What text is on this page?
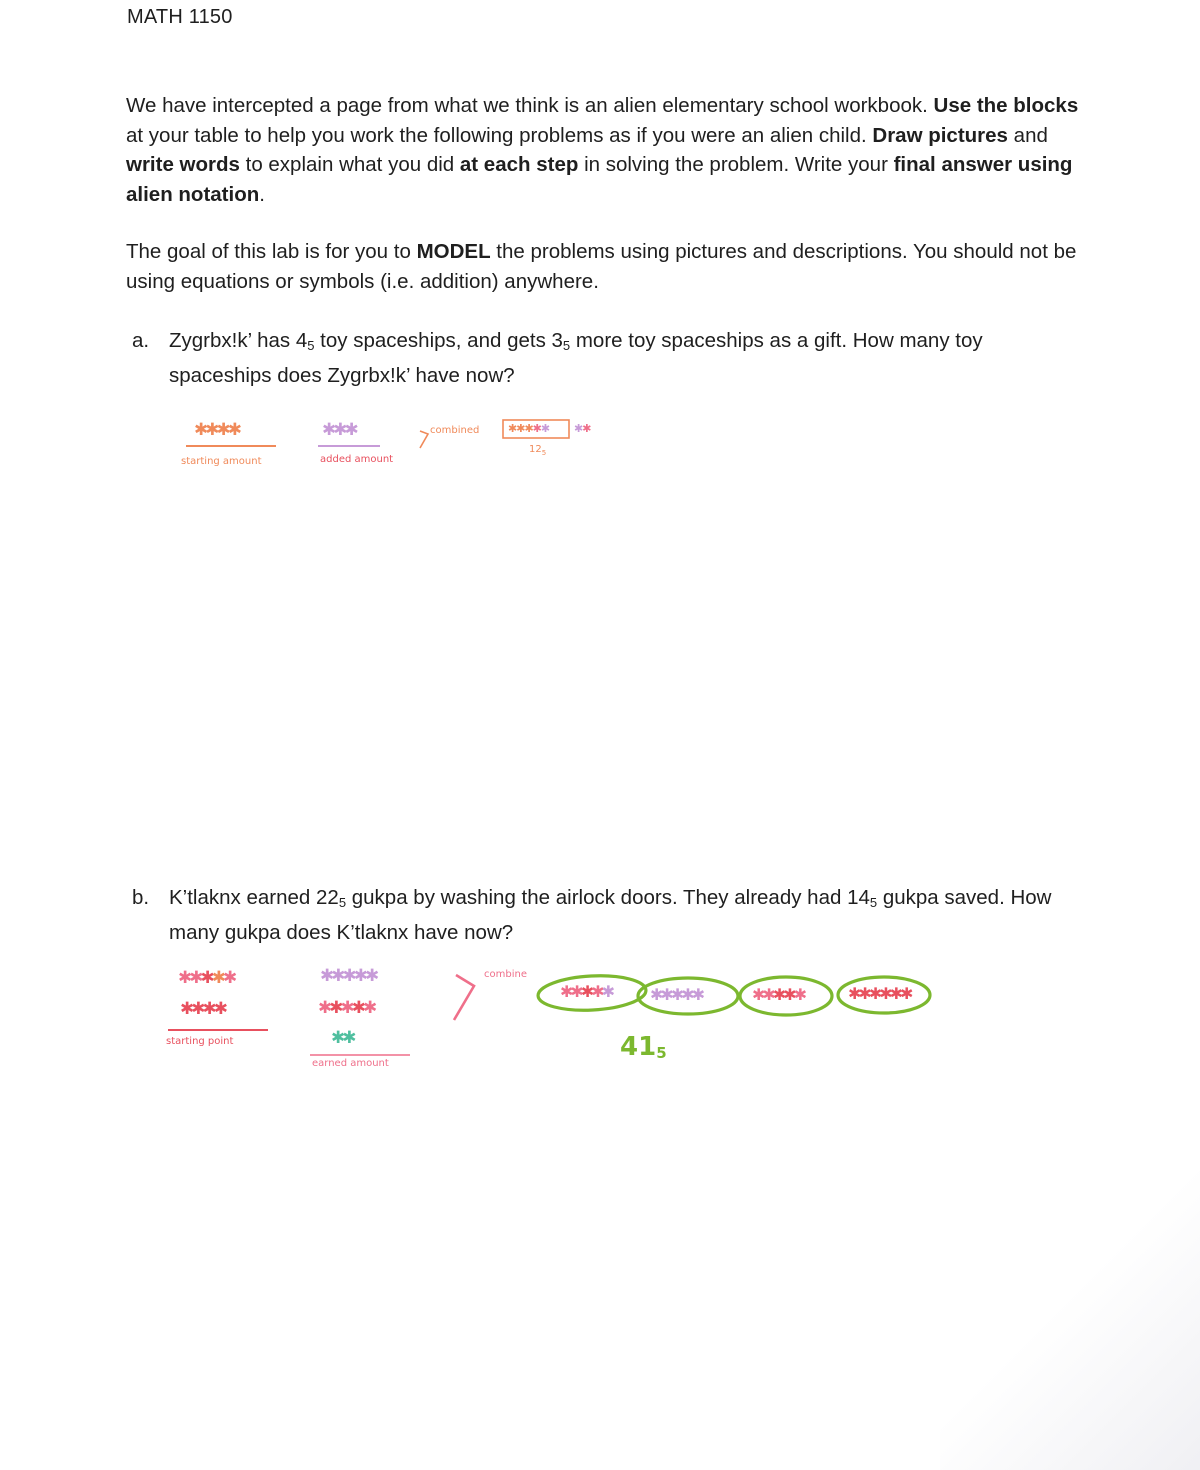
MATH 1150

We have intercepted a page from what we think is an alien elementary school workbook. Use the blocks at your table to help you work the following problems as if you were an alien child. Draw pictures and write words to explain what you did at each step in solving the problem. Write your final answer using alien notation.

The goal of this lab is for you to MODEL the problems using pictures and descriptions. You should not be using equations or symbols (i.e. addition) anywhere.

a. Zygrbx!k’ has $4_5$ toy spaceships, and gets $3_5$ more toy spaceships as a gift. How many toy spaceships does Zygrbx!k’ have now?

✱✱✱✱
starting amount
✱✱✱
added amount
combined	✱✱✱✱✱ ✱✱
$12_5$
b. K’tlaknx earned $22_5$ gukpa by washing the airlock doors. They already had $14_5$ gukpa saved. How many gukpa does K’tlaknx have now?

✱✱✱✱✱
✱✱✱✱
✱✱✱✱✱
✱✱✱✱✱
✱✱
starting point
earned amount
combine
✱✱✱✱✱ ✱✱✱✱✱	✱✱✱✱✱	✱✱✱✱✱✱
$41_5$
